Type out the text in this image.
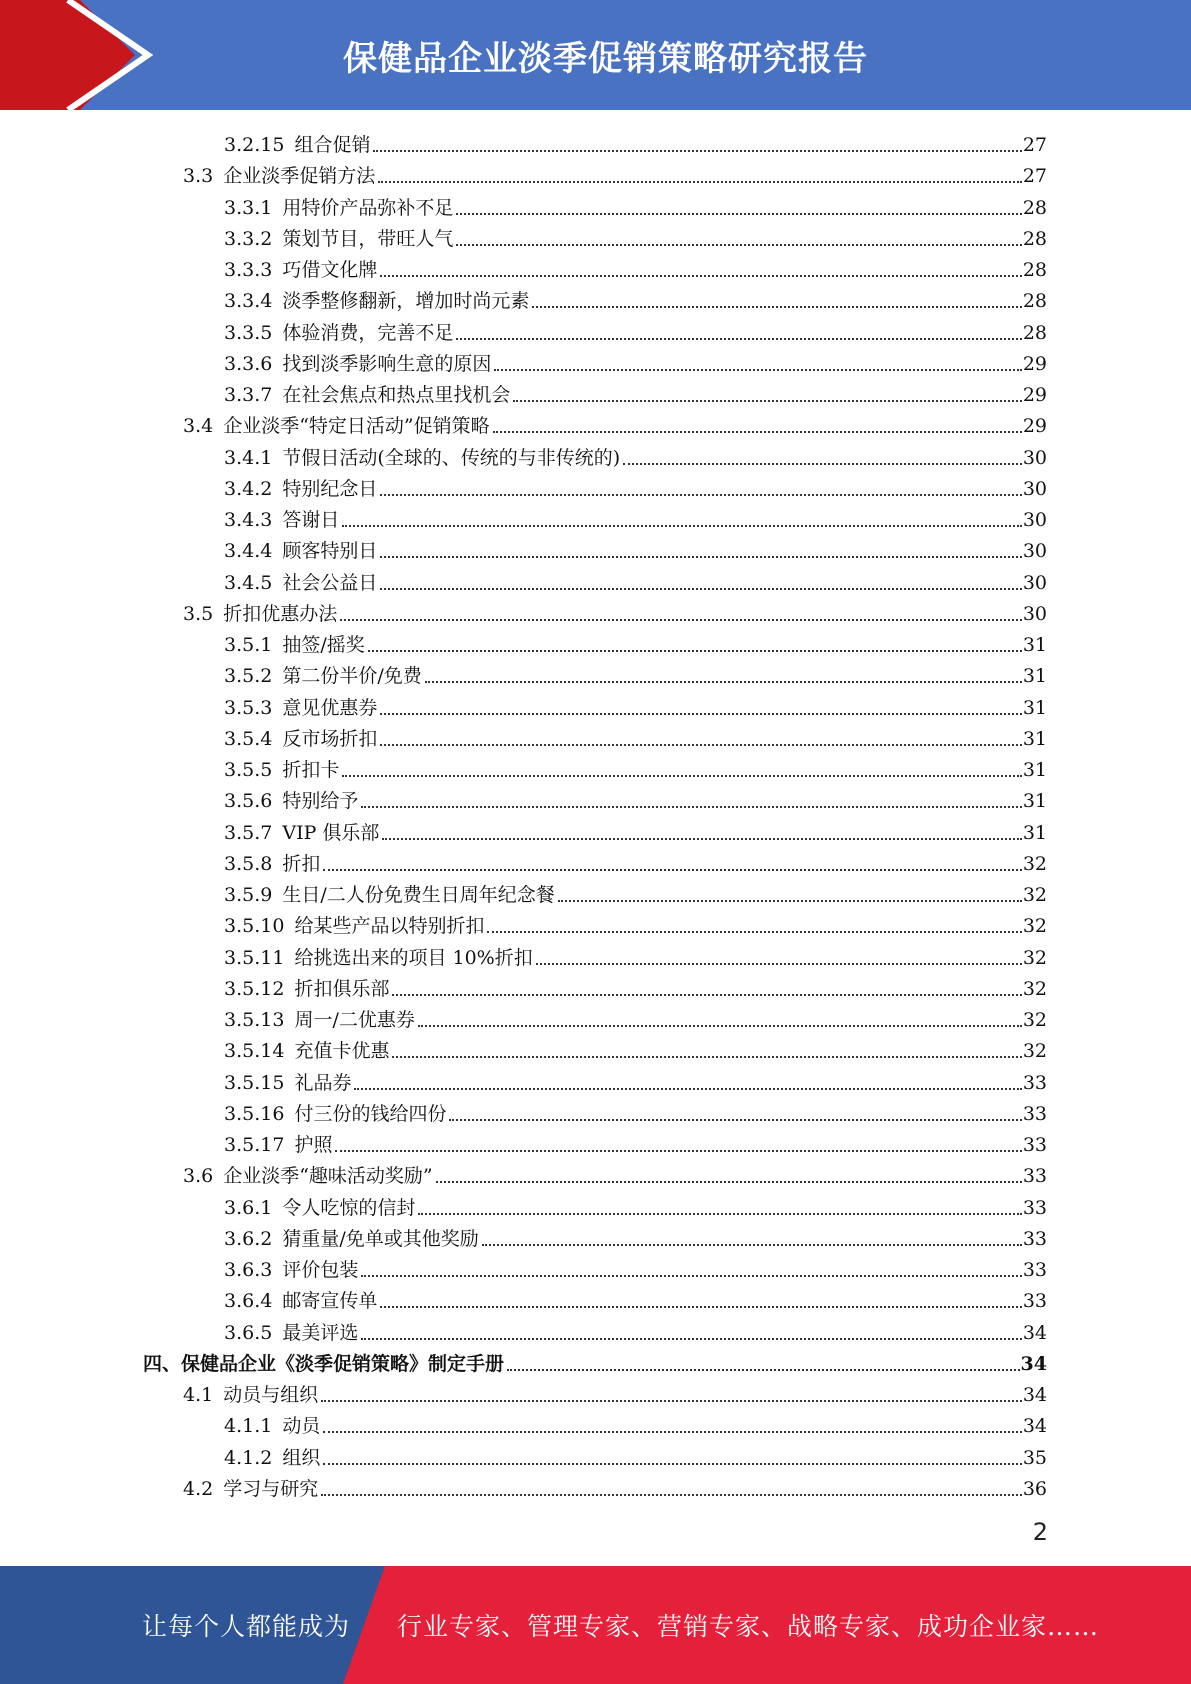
保健品企业淡季促销策略研究报告
3.2.15 组合促销	27
3.3 企业淡季促销方法	27
3.3.1 用特价产品弥补不足	28
3.3.2 策划节目，带旺人气	28
3.3.3 巧借文化牌	28
3.3.4 淡季整修翻新，增加时尚元素	28
3.3.5 体验消费，完善不足	28
3.3.6 找到淡季影响生意的原因	29
3.3.7 在社会焦点和热点里找机会	29
3.4 企业淡季“特定日活动”促销策略	29
3.4.1 节假日活动(全球的、传统的与非传统的)	30
3.4.2 特别纪念日	30
3.4.3 答谢日	30
3.4.4 顾客特别日	30
3.4.5 社会公益日	30
3.5 折扣优惠办法	30
3.5.1 抽签/摇奖	31
3.5.2 第二份半价/免费	31
3.5.3 意见优惠券	31
3.5.4 反市场折扣	31
3.5.5 折扣卡	31
3.5.6 特别给予	31
3.5.7 VIP 俱乐部	31
3.5.8 折扣	32
3.5.9 生日/二人份免费生日周年纪念餐	32
3.5.10 给某些产品以特别折扣	32
3.5.11 给挑选出来的项目 10%折扣	32
3.5.12 折扣俱乐部	32
3.5.13 周一/二优惠券	32
3.5.14 充值卡优惠	32
3.5.15 礼品券	33
3.5.16 付三份的钱给四份	33
3.5.17 护照	33
3.6 企业淡季“趣味活动奖励”	33
3.6.1 令人吃惊的信封	33
3.6.2 猜重量/免单或其他奖励	33
3.6.3 评价包装	33
3.6.4 邮寄宣传单	33
3.6.5 最美评选	34
四、保健品企业《淡季促销策略》制定手册	34
4.1 动员与组织	34
4.1.1 动员	34
4.1.2 组织	35
4.2 学习与研究	36
2
让每个人都能成为 行业专家、管理专家、营销专家、战略专家、成功企业家……
